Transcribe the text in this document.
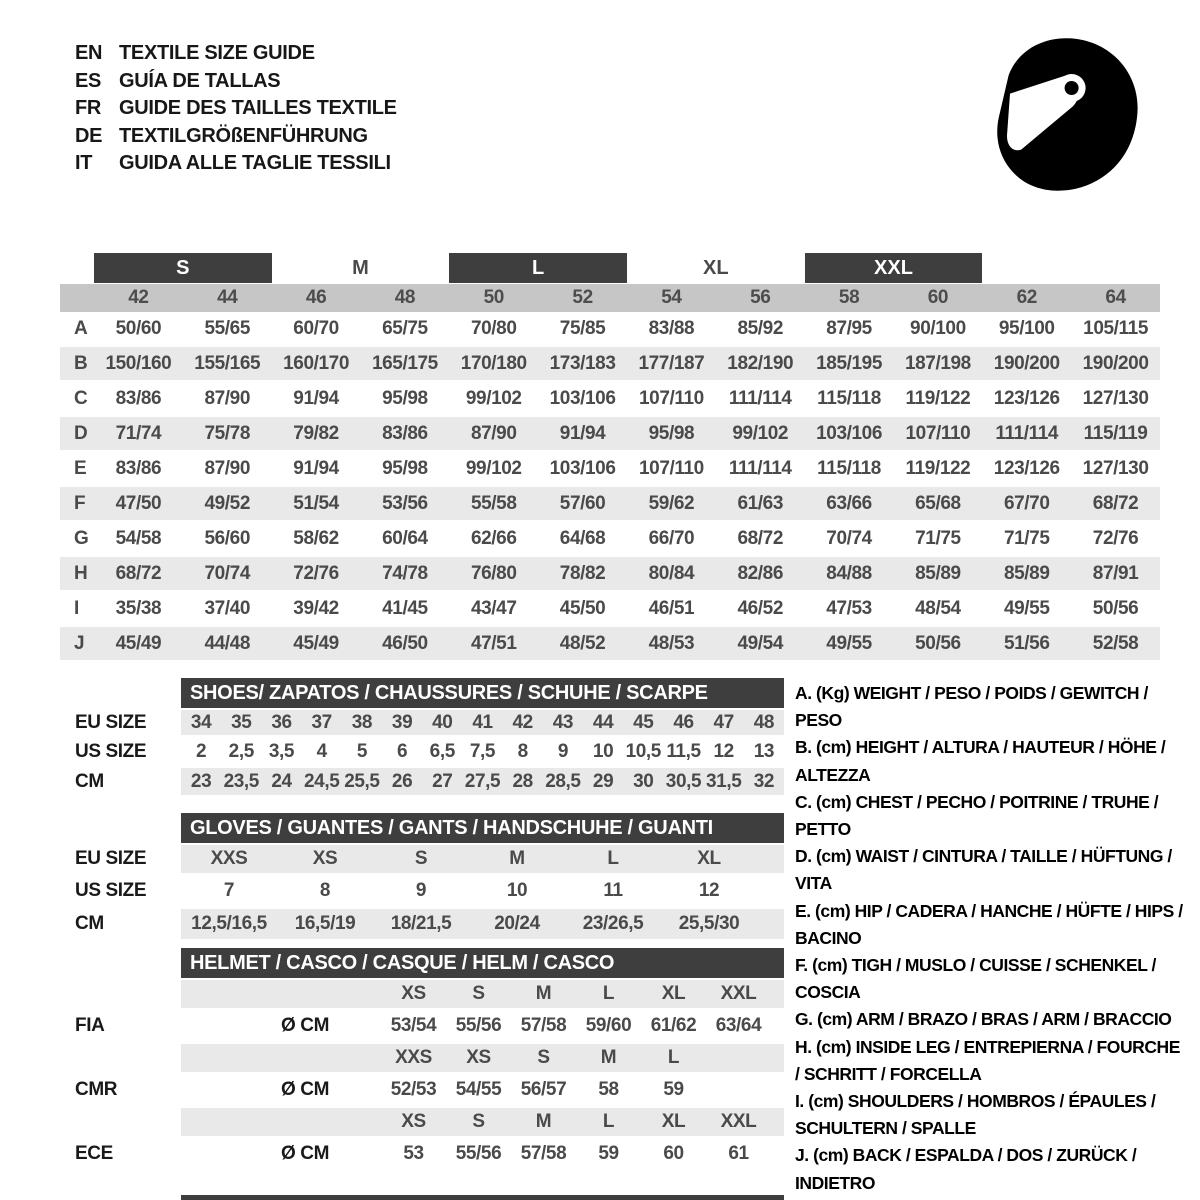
EN TEXTILE SIZE GUIDE
ES GUÍA DE TALLAS
FR GUIDE DES TAILLES TEXTILE
DE TEXTILGRÖßENFÜHRUNG
IT	GUIDA ALLE TAGLIE TESSILI
S	M	L	XL	XXL
42	44	46	48	50	52	54	56	58	60	62	64
A	50/60	55/65	60/70	65/75	70/80	75/85	83/88	85/92	87/95	90/100	95/100	105/115
B 150/160	155/165	160/170	165/175	170/180	173/183	177/187	182/190	185/195	187/198	190/200	190/200
C	83/86	87/90	91/94	95/98	99/102	103/106	107/110	111/114	115/118	119/122	123/126	127/130
D	71/74	75/78	79/82	83/86	87/90	91/94	95/98	99/102	103/106	107/110	111/114	115/119
E	83/86	87/90	91/94	95/98	99/102	103/106	107/110	111/114	115/118	119/122	123/126	127/130
F	47/50	49/52	51/54	53/56	55/58	57/60	59/62	61/63	63/66	65/68	67/70	68/72
G	54/58	56/60	58/62	60/64	62/66	64/68	66/70	68/72	70/74	71/75	71/75	72/76
H	68/72	70/74	72/76	74/78	76/80	78/82	80/84	82/86	84/88	85/89	85/89	87/91
I	35/38	37/40	39/42	41/45	43/47	45/50	46/51	46/52	47/53	48/54	49/55	50/56
J	45/49	44/48	45/49	46/50	47/51	48/52	48/53	49/54	49/55	50/56	51/56	52/58
SHOES/ ZAPATOS / CHAUSSURES / SCHUHE / SCARPE
EU SIZE	34	35	36	37	38	39	40	41	42	43	44	45	46	47	48
US SIZE	2	2,5 3,5	4	5	6	6,5 7,5	8	9	10 10,5 11,5 12	13
CM	23 23,5 24 24,5 25,5 26	27 27,5 28 28,5 29	30 30,5 31,5 32
GLOVES / GUANTES / GANTS / HANDSCHUHE / GUANTI
EU SIZE	XXS	XS	S	M	L	XL
US SIZE	7	8	9	10	11	12
CM	12,5/16,5	16,5/19	18/21,5	20/24	23/26,5	25,5/30
HELMET / CASCO / CASQUE / HELM / CASCO
XS	S	M	L	XL	XXL
FIA	Ø CM	53/54	55/56	57/58	59/60	61/62	63/64
XXS	XS	S	M	L
CMR	Ø CM	52/53	54/55	56/57	58	59
XS	S	M	L	XL	XXL
ECE	Ø CM	53	55/56	57/58	59	60	61
A. (Kg) WEIGHT / PESO / POIDS / GEWITCH / PESO
B. (cm) HEIGHT / ALTURA / HAUTEUR / HÖHE / ALTEZZA
C. (cm) CHEST / PECHO / POITRINE / TRUHE / PETTO
D. (cm) WAIST / CINTURA / TAILLE / HÜFTUNG / VITA
E. (cm) HIP / CADERA / HANCHE / HÜFTE / HIPS / BACINO
F. (cm) TIGH / MUSLO / CUISSE / SCHENKEL / COSCIA
G. (cm) ARM / BRAZO / BRAS / ARM / BRACCIO
H. (cm) INSIDE LEG / ENTREPIERNA / FOURCHE / SCHRITT / FORCELLA
I. (cm) SHOULDERS / HOMBROS / ÉPAULES / SCHULTERN / SPALLE
J. (cm) BACK / ESPALDA / DOS / ZURÜCK / INDIETRO
